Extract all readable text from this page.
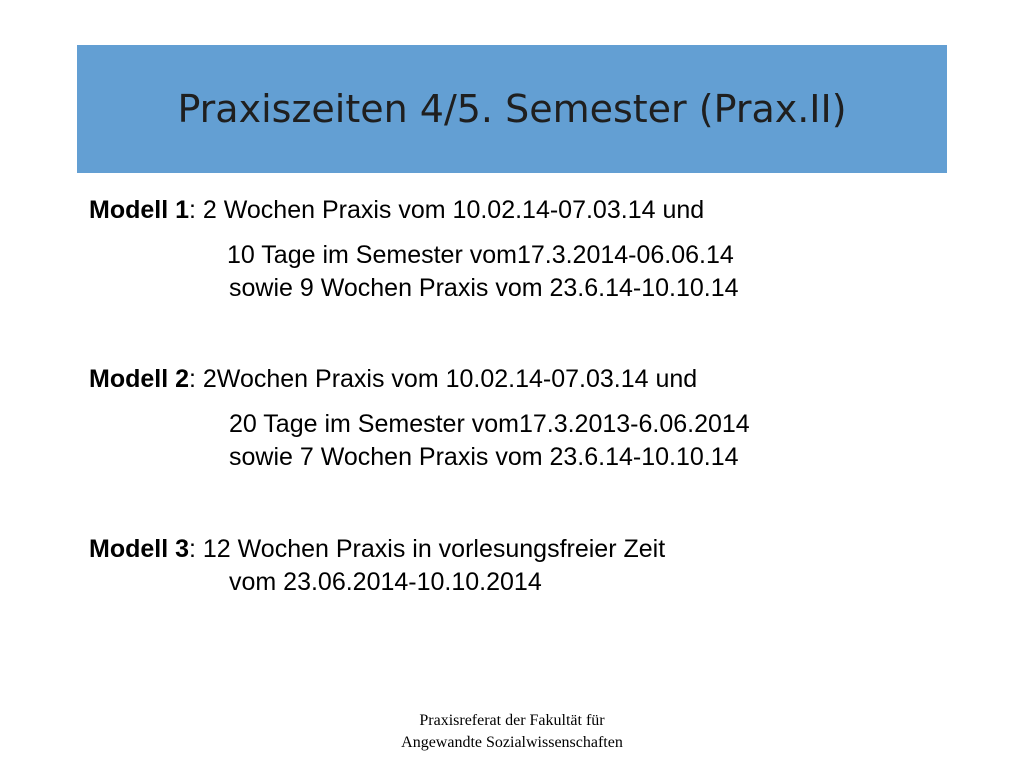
Praxiszeiten 4/5. Semester (Prax.II)
Modell 1: 2 Wochen Praxis vom 10.02.14-07.03.14 und
10 Tage im Semester vom17.3.2014-06.06.14
sowie 9 Wochen Praxis vom 23.6.14-10.10.14
Modell 2: 2Wochen Praxis vom 10.02.14-07.03.14 und
20 Tage im Semester vom17.3.2013-6.06.2014
sowie 7 Wochen Praxis vom 23.6.14-10.10.14
Modell 3: 12 Wochen Praxis in vorlesungsfreier Zeit
vom 23.06.2014-10.10.2014
Praxisreferat der Fakultät für
Angewandte Sozialwissenschaften
